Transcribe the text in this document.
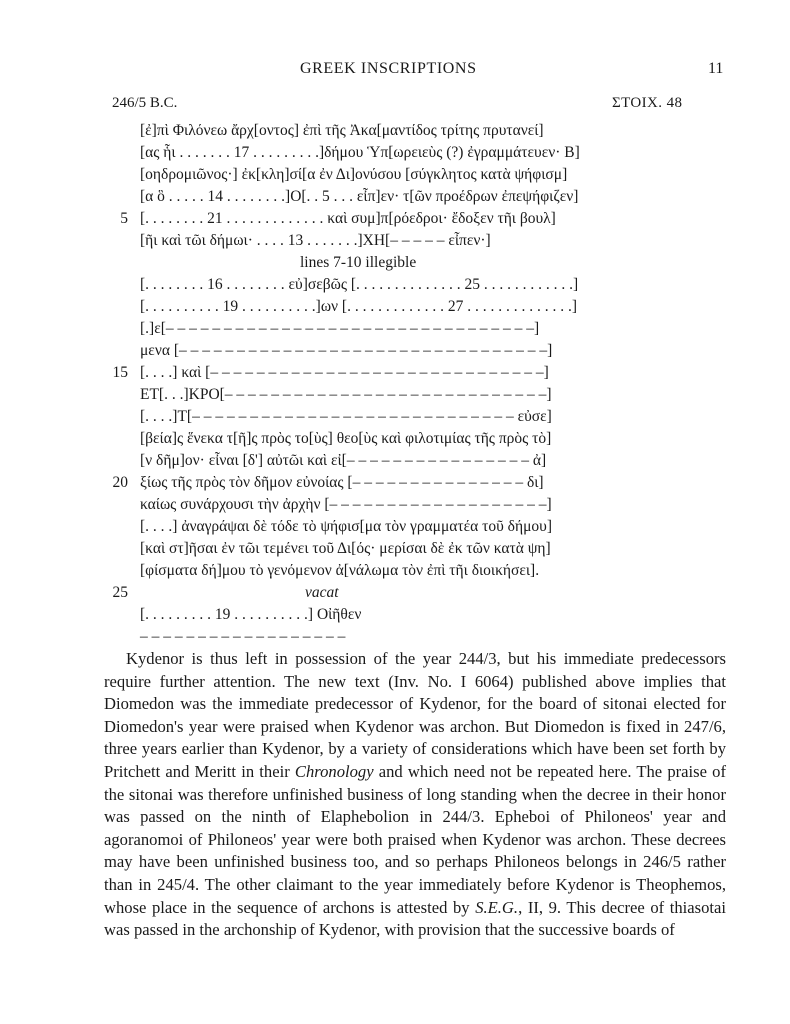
GREEK INSCRIPTIONS	11
246/5 B.C.	ΣΤΟΙΧ. 48
[ἐ]πὶ Φιλόνεω ἄρχ[οντος] ἐπὶ τῆς Ἀκα[μαντίδος τρίτης πρυτανεί]
[ας ἧι . . . . . . . 17 . . . . . . . . .]δήμου Ὑπ[ωρειεὺς (?) ἐγραμμάτευεν· Β]
[οηδρομιῶνος·] ἐκ[κλη]σί[α ἐν Δι]ονύσου [σύγκλητος κατὰ ψήφισμ]
[α ὃ . . . . . 14 . . . . . . . .]Ο[. . 5 . . . εἶπ]εν· τ[ῶν προέδρων ἐπεψήφιζεν]
5 [. . . . . . . . 21 . . . . . . . . . . . . . καὶ συμ]π[ρόεδροι· ἔδοξεν τῆι βουλ]
[ῆι καὶ τῶι δήμωι· . . . . 13 . . . . . . .]ΧΗ[– – – – – εἶπεν·]
lines 7-10 illegible
[. . . . . . . . 16 . . . . . . . . εὐ]σεβῶς [. . . . . . . . . . . . . . 25 . . . . . . . . . . . .]
[. . . . . . . . . . 19 . . . . . . . . . .]ων [. . . . . . . . . . . . . 27 . . . . . . . . . . . . . .]
[.]ε[– – – – – – – – – – – – – – – – – – – – – – – – – – – – – – – –]
μενα [– – – – – – – – – – – – – – – – – – – – – – – – – – – – – – – –]
15 [. . . .] καὶ [– – – – – – – – – – – – – – – – – – – – – – – – – – – – –]
ΕΤ[. . .]ΚΡΟ[– – – – – – – – – – – – – – – – – – – – – – – – – – – –]
[. . . .]Τ[– – – – – – – – – – – – – – – – – – – – – – – – – – – – εὐσε]
[βεία]ς ἕνεκα τ[ῆ]ς πρὸς το[ὺς] θεο[ὺς καὶ φιλοτιμίας τῆς πρὸς τὸ]
[ν δῆμ]ον· εἶναι [δ'] αὐτῶι καὶ εἰ[– – – – – – – – – – – – – – – – ἀ]
20 ξίως τῆς πρὸς τὸν δῆμον εὐνοίας [– – – – – – – – – – – – – – – δι]
καίως συνάρχουσι τὴν ἀρχὴν [– – – – – – – – – – – – – – – – – – –]
[. . . .] ἀναγράψαι δὲ τόδε τὸ ψήφισ[μα τὸν γραμματέα τοῦ δήμου]
[καὶ στ]ῆσαι ἐν τῶι τεμένει τοῦ Δι[ός· μερίσαι δὲ ἐκ τῶν κατὰ ψη]
[φίσματα δή]μου τὸ γενόμενον ἀ[νάλωμα τὸν ἐπὶ τῆι διοικήσει].
25	vacat
[. . . . . . . . . 19 . . . . . . . . . .] Οἰῆθεν
– – – – – – – – – – – – – – – – – –

Kydenor is thus left in possession of the year 244/3, but his immediate predecessors require further attention. The new text (Inv. No. I 6064) published above implies that Diomedon was the immediate predecessor of Kydenor, for the board of sitonai elected for Diomedon's year were praised when Kydenor was archon. But Diomedon is fixed in 247/6, three years earlier than Kydenor, by a variety of considerations which have been set forth by Pritchett and Meritt in their Chronology and which need not be repeated here. The praise of the sitonai was therefore unfinished business of long standing when the decree in their honor was passed on the ninth of Elaphebolion in 244/3. Epheboi of Philoneos' year and agoranomoi of Philoneos' year were both praised when Kydenor was archon. These decrees may have been unfinished business too, and so perhaps Philoneos belongs in 246/5 rather than in 245/4. The other claimant to the year immediately before Kydenor is Theophemos, whose place in the sequence of archons is attested by S.E.G., II, 9. This decree of thiasotai was passed in the archonship of Kydenor, with provision that the successive boards of
